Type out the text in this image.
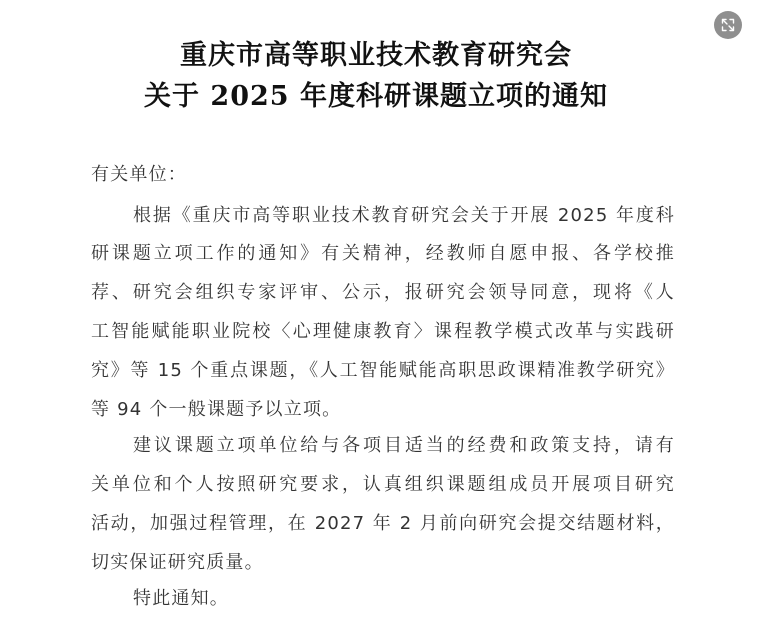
重庆市高等职业技术教育研究会
关于 2025 年度科研课题立项的通知
有关单位：
根据《重庆市高等职业技术教育研究会关于开展 2025 年度科
研课题立项工作的通知》有关精神，经教师自愿申报、各学校推
荐、研究会组织专家评审、公示，报研究会领导同意，现将《人
工智能赋能职业院校〈心理健康教育〉课程教学模式改革与实践研
究》等 15 个重点课题，《人工智能赋能高职思政课精准教学研究》
等 94 个一般课题予以立项。
建议课题立项单位给与各项目适当的经费和政策支持，请有
关单位和个人按照研究要求，认真组织课题组成员开展项目研究
活动，加强过程管理，在 2027 年 2 月前向研究会提交结题材料，
切实保证研究质量。
特此通知。
